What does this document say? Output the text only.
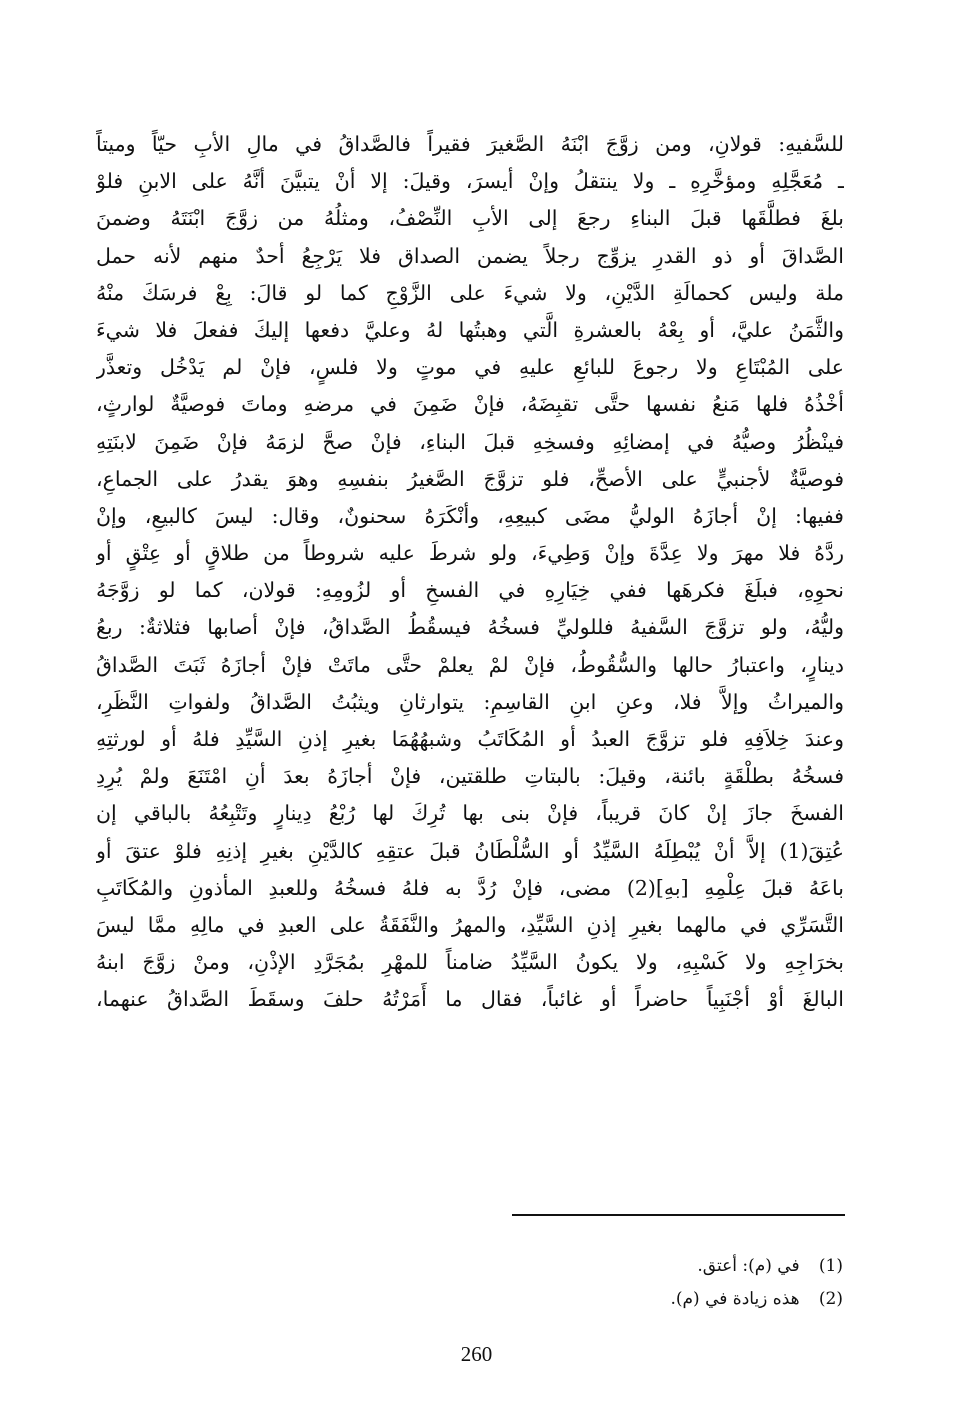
للسَّفيهِ: قولانِ، ومن زوَّجَ ابْنَهُ الصَّغيرَ فقيراً فالصَّداقُ في مالِ الأبِ حيّاً وميتاً
ـ مُعَجَّلِهِ ومؤخَّرِهِ ـ ولا ينتقلُ وإنْ أيسرَ، وقيلَ: إلا أنْ يتبيَّنَ أنَّهُ على الابنِ فلوْ
بلغَ فطلَّقَها قبلَ البناءِ رجعَ إلى الأبِ النِّصْفُ، ومثلُهُ من زوَّجَ ابْنَتَهُ وضمنَ
الصَّداقَ أو ذو القدرِ يزوِّج رجلاً يضمن الصداق فلا يَرْجِعُ أحدٌ منهم لأنه حمل
ملة وليس كحمالَةِ الدَّيْنِ، ولا شيءَ على الزَّوْجِ كما لو قالَ: بِعْ فرسَكَ منْهُ
والثَّمَنُ عليَّ، أو بِعْهُ بالعشرةِ الَّتي وهبتُها لهُ وعليَّ دفعها إليكَ ففعلَ فلا شيءَ
على المُبْتَاعِ ولا رجوعَ للبائعِ عليهِ في موتٍ ولا فلسٍ، فإنْ لم يَدْخُل وتعذَّر
أخْذُهُ فلها مَنعُ نفسها حتَّى تقبِضَهُ، فإنْ ضَمِنَ في مرضهِ وماتَ فوصيَّةٌ لوارثٍ،
فينْظُرُ وصيُّهُ في إمضائِهِ وفسخِهِ قبلَ البناءِ، فإنْ صحَّ لزمَهُ فإنْ ضَمِنَ لابنَتِهِ
فوصيَّةٌ لأجنبيٍّ على الأصحِّ، فلو تزوَّجَ الصَّغيرُ بنفسِهِ وهوَ يقدرُ على الجماعِ،
ففيها: إنْ أجازَهُ الوليُّ مضَى كبيعِهِ، وأنْكَرَهُ سحنونٌ، وقال: ليسَ كالبيعِ، وإنْ
ردَّهُ فلا مهرَ ولا عِدَّةَ وإنْ وَطِيءَ، ولو شرطَ عليه شروطاً من طلاقٍ أو عِتْقٍ أو
نحوِهِ، فبلَغَ فكرهَها ففي خِيَارِهِ في الفسخِ أو لزُومِهِ: قولان، كما لو زوَّجَهُ
وليُّهُ، ولو تزوَّجَ السَّفيهُ فللوليِّ فسخُهُ فيسقُطُ الصَّداقُ، فإنْ أصابها فثلاثةٌ: ربعُ
دينارٍ، واعتبارُ حالها والسُّقُوطُ، فإنْ لمْ يعلمْ حتَّى ماتَتْ فإنْ أجازَهُ ثَبَتَ الصَّداقُ
والميراثُ وإلاَّ فلا، وعنِ ابنِ القاسِمِ: يتوارثانِ ويثبُتُ الصَّداقُ ولفواتِ النَّظَرِ،
وعندَ خِلاَفِهِ فلو تزوَّجَ العبدُ أو المُكَاتَبُ وشبهُهُمَا بغيرِ إذنِ السَّيِّدِ فلهُ أو لورثتِهِ
فسخُهُ بطلْقَةٍ بائنة، وقيلَ: بالبتاتِ طلقتين، فإنْ أجازَهُ بعدَ أنِ امْتَنَعَ ولمْ يُرِدِ
الفسخَ جازَ إنْ كانَ قريباً، فإنْ بنى بها تُرِكَ لها رُبْعُ دِينارٍ وتَتْبِعُهُ بالباقي إن
عُتِقَ(1) إلاَّ أنْ يُبْطِلَهُ السَّيِّدُ أو السُّلْطَانُ قبلَ عتقِهِ كالدَّيْنِ بغيرِ إذنِهِ فلوْ عتقَ أو
باعَهُ قبلَ عِلْمِهِ [بهِ](2) مضى، فإنْ رُدَّ به فلهُ فسخُهُ وللعبدِ المأذونِ والمُكَاتَبِ
التَّسَرِّي في مالهما بغيرِ إذنِ السَّيِّدِ، والمهرُ والنَّفَقَةُ على العبدِ في مالِهِ ممَّا ليسَ
بخرَاجِهِ ولا كَسْبِهِ، ولا يكونُ السَّيِّدُ ضامناً للمهْرِ بمُجَرَّدِ الإذْنِ، ومنْ زوَّجَ ابنهُ
البالغَ أوْ أجْنَبِياً حاضراً أو غائباً، فقال ما أَمَرْتُهُ حلفَ وسقَطَ الصَّداقُ عنهما،
(1) في (م): أعتق.
(2) هذه زيادة في (م).
260
